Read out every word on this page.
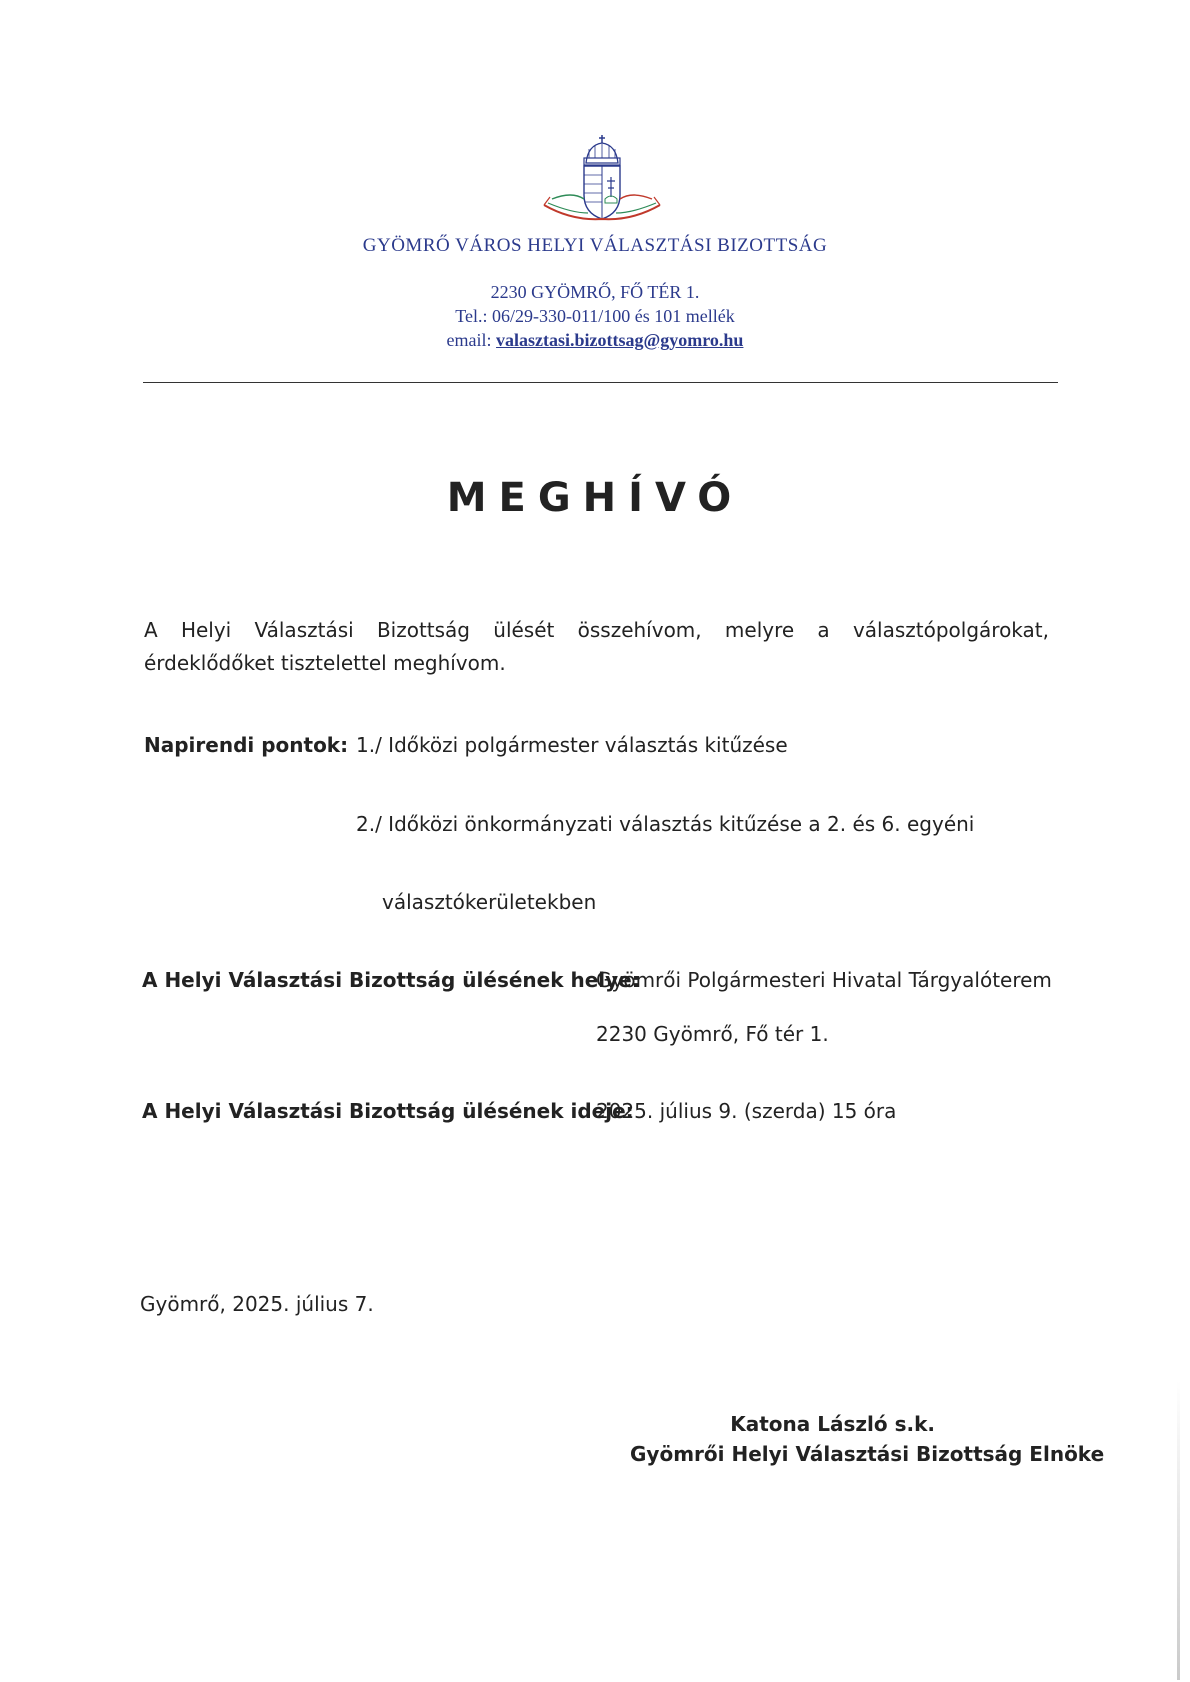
GYÖMRŐ VÁROS HELYI VÁLASZTÁSI BIZOTTSÁG
2230 GYÖMRŐ, FŐ TÉR 1.
Tel.: 06/29-330-011/100 és 101 mellék
email: valasztasi.bizottsag@gyomro.hu
MEGHÍVÓ
A Helyi Választási Bizottság ülését összehívom, melyre a választópolgárokat, érdeklődőket tisztelettel meghívom.
Napirendi pontok: 1./ Időközi polgármester választás kitűzése
2./ Időközi önkormányzati választás kitűzése a 2. és 6. egyéni
választókerületekben
A Helyi Választási Bizottság ülésének helye:
Gyömrői Polgármesteri Hivatal Tárgyalóterem
2230 Gyömrő, Fő tér 1.
A Helyi Választási Bizottság ülésének ideje:
2025. július 9. (szerda) 15 óra
Gyömrő, 2025. július 7.
Katona László s.k.
Gyömrői Helyi Választási Bizottság Elnöke
